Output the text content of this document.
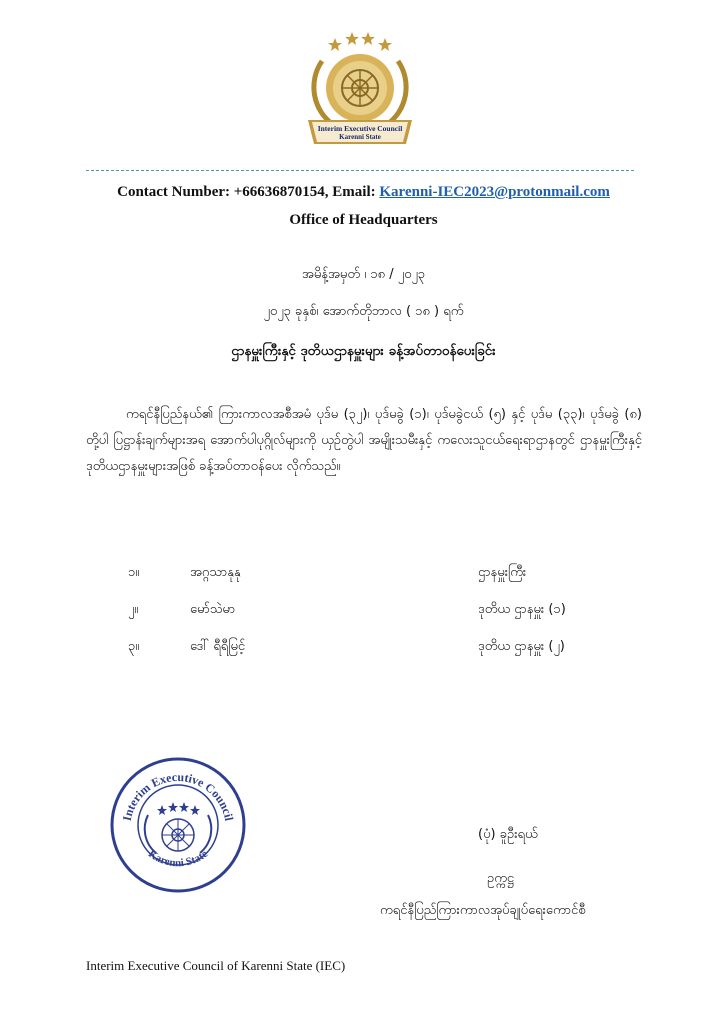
Interim Executive Council
Karenni State
Contact Number: +66636870154, Email: Karenni-IEC2023@protonmail.com
Office of Headquarters
အမိန့်အမှတ် ၊ ၁၈ / ၂၀၂၃
၂၀၂၃ ခုနှစ်၊ အောက်တိုဘာလ ( ၁၈ ) ရက်
ဌာနမှူးကြီးနှင့် ဒုတိယဌာနမှူးများ ခန့်အပ်တာဝန်ပေးခြင်း
ကရင်နီပြည်နယ်၏ ကြားကာလအစီအမံ ပုဒ်မ (၃၂)၊ ပုဒ်မခွဲ (၁)၊ ပုဒ်မခွဲငယ် (၅) နှင့် ပုဒ်မ (၃၃)၊ ပုဒ်မခွဲ (၈) တို့ပါ ပြဋ္ဌာန်းချက်များအရ အောက်ပါပုဂ္ဂိုလ်များကို ယှဉ်တွဲပါ အမျိုးသမီးနှင့် ကလေးသူငယ်ရေးရာဌာနတွင် ဌာနမှူးကြီးနှင့် ဒုတိယဌာနမှူးများအဖြစ် ခန့်အပ်တာဝန်ပေး လိုက်သည်။
၁။	အဂ္ဂသာနုနု	ဌာနမှူးကြီး
၂။	မော်သဲမာ	ဒုတိယ ဌာနမှူး (၁)
၃။	ဒေါ် ရီရီမြင့်	ဒုတိယ ဌာနမှူး (၂)
Interim Executive Council
Karenni State
(ပုံ) ခူဦးရယ်
ဥက္ကဋ္ဌ
ကရင်နီပြည်ကြားကာလအုပ်ချုပ်ရေးကောင်စီ
Interim Executive Council of Karenni State (IEC)
